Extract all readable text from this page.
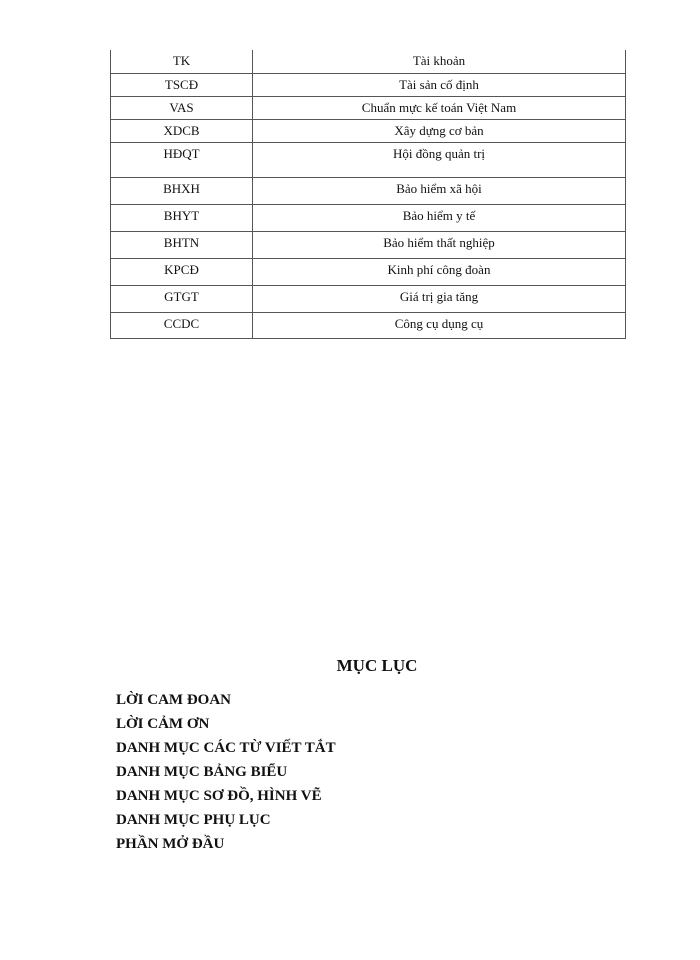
TK	Tài khoản
TSCĐ	Tài sản cố định
VAS	Chuẩn mực kế toán Việt Nam
XDCB	Xây dựng cơ bản
HĐQT	Hội đồng quản trị
BHXH	Bảo hiểm xã hội
BHYT	Bảo hiểm y tế
BHTN	Bảo hiểm thất nghiệp
KPCĐ	Kinh phí công đoàn
GTGT	Giá trị gia tăng
CCDC	Công cụ dụng cụ
MỤC LỤC
LỜI CAM ĐOAN
LỜI CẢM ƠN
DANH MỤC CÁC TỪ VIẾT TẮT
DANH MỤC BẢNG BIỂU
DANH MỤC SƠ ĐỒ, HÌNH VẼ
DANH MỤC PHỤ LỤC
PHẦN MỞ ĐẦU
